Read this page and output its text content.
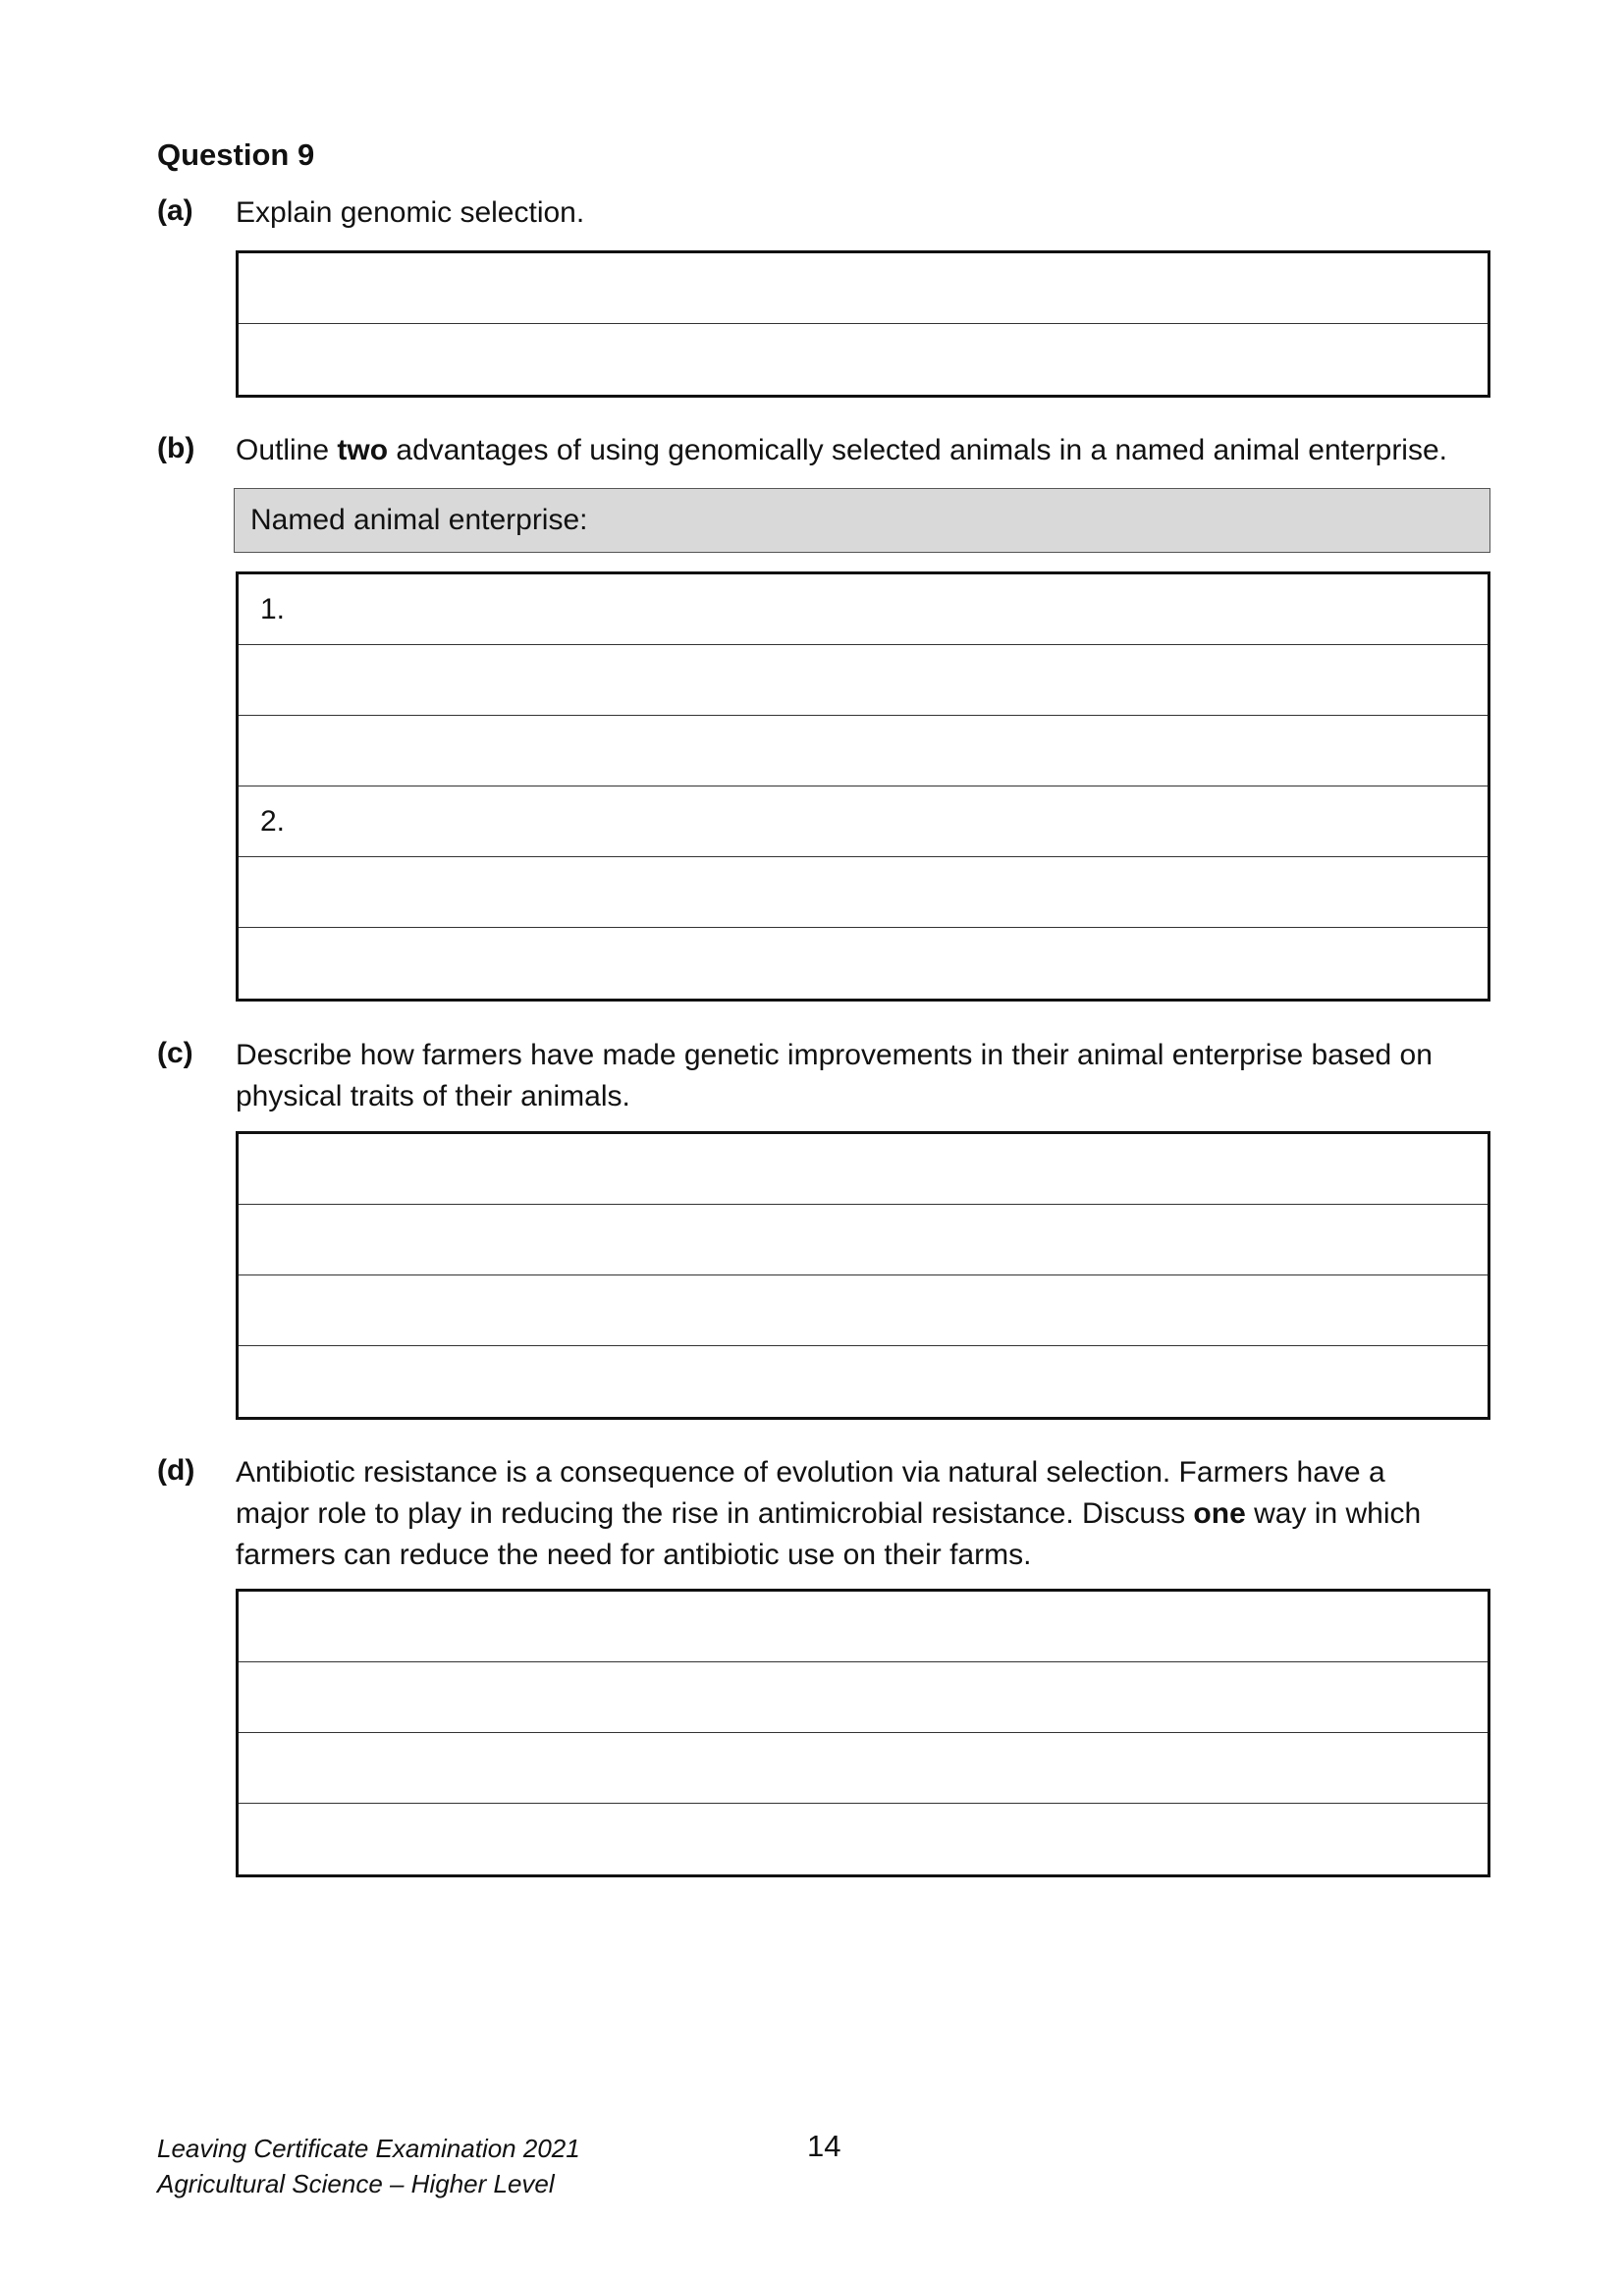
Question 9
(a) Explain genomic selection.
(b) Outline two advantages of using genomically selected animals in a named animal enterprise.
Named animal enterprise:
1.
2.
(c) Describe how farmers have made genetic improvements in their animal enterprise based on
physical traits of their animals.
(d) Antibiotic resistance is a consequence of evolution via natural selection. Farmers have a
major role to play in reducing the rise in antimicrobial resistance. Discuss one way in which
farmers can reduce the need for antibiotic use on their farms.
Leaving Certificate Examination 2021
Agricultural Science – Higher Level
14
